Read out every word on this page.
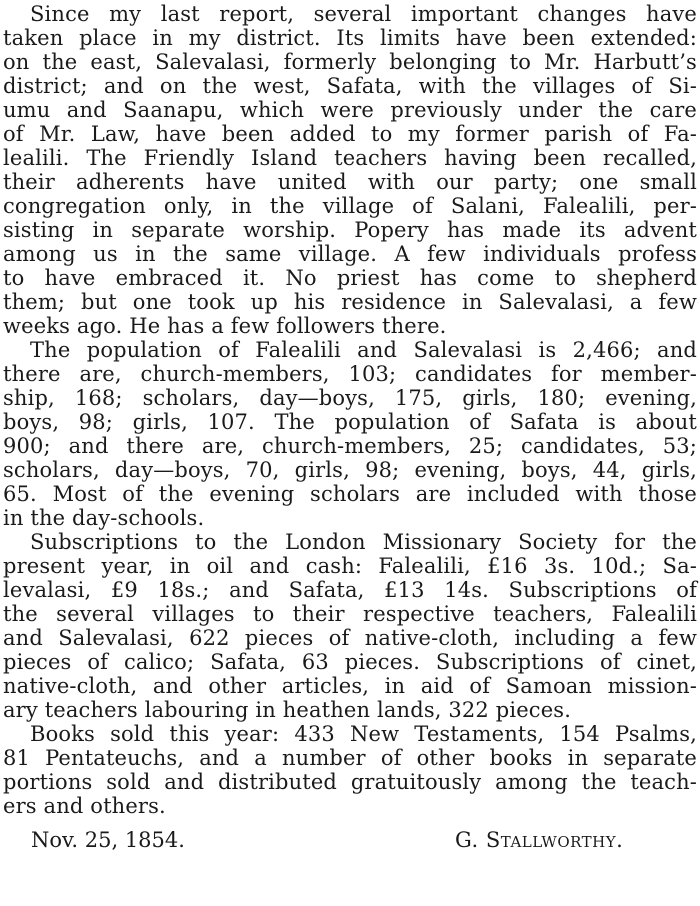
Since my last report, several important changes have
taken place in my district. Its limits have been extended:
on the east, Salevalasi, formerly belonging to Mr. Harbutt’s
district; and on the west, Safata, with the villages of Si-
umu and Saanapu, which were previously under the care
of Mr. Law, have been added to my former parish of Fa-
lealili. The Friendly Island teachers having been recalled,
their adherents have united with our party; one small
congregation only, in the village of Salani, Falealili, per-
sisting in separate worship. Popery has made its advent
among us in the same village. A few individuals profess
to have embraced it. No priest has come to shepherd
them; but one took up his residence in Salevalasi, a few
weeks ago. He has a few followers there.
The population of Falealili and Salevalasi is 2,466; and
there are, church-members, 103; candidates for member-
ship, 168; scholars, day—boys, 175, girls, 180; evening,
boys, 98; girls, 107. The population of Safata is about
900; and there are, church-members, 25; candidates, 53;
scholars, day—boys, 70, girls, 98; evening, boys, 44, girls,
65. Most of the evening scholars are included with those
in the day-schools.
Subscriptions to the London Missionary Society for the
present year, in oil and cash: Falealili, £16 3s. 10d.; Sa-
levalasi, £9 18s.; and Safata, £13 14s. Subscriptions of
the several villages to their respective teachers, Falealili
and Salevalasi, 622 pieces of native-cloth, including a few
pieces of calico; Safata, 63 pieces. Subscriptions of cinet,
native-cloth, and other articles, in aid of Samoan mission-
ary teachers labouring in heathen lands, 322 pieces.
Books sold this year: 433 New Testaments, 154 Psalms,
81 Pentateuchs, and a number of other books in separate
portions sold and distributed gratuitously among the teach-
ers and others.
Nov. 25, 1854.	G. Stallworthy.
